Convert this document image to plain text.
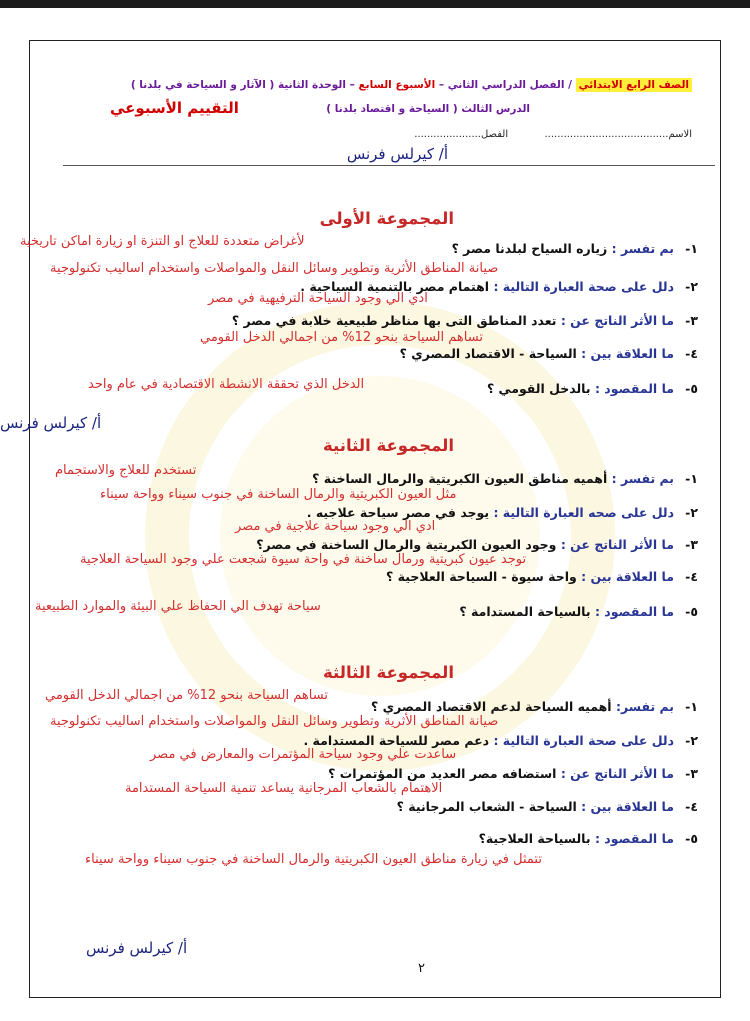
الصف الرابع الابتدائي / الفصل الدراسي الثاني – الأسبوع السابع – الوحدة الثانية ( الآثار و السياحة في بلدنا )
الدرس الثالث ( السياحة و اقتصاد بلدنا )
التقييم الأسبوعي
الاسم.......................................  الفصل.....................
أ/ كيرلس فرنس
المجموعة الأولى
١-بم تفسر : زياره السياح لبلدنا مصر ؟
لأغراض متعددة للعلاج او التنزة او زيارة اماكن تاريخية
صيانة المناطق الأثرية وتطوير وسائل النقل والمواصلات واستخدام اساليب تكنولوجية
٢-دلل على صحة العبارة التالية : اهتمام مصر بالتنمية السياحية .
ادي الي وجود السياحة الترفيهية في مصر
٣-ما الأثر الناتج عن : تعدد المناطق التى بها مناظر طبيعية خلابة في مصر ؟
تساهم السياحة بنحو 12% من اجمالي الدخل القومي
٤-ما العلاقة بين : السياحة - الاقتصاد المصري ؟
٥-ما المقصود : بالدخل القومي ؟
الدخل الذي تحققة الانشطة الاقتصادية في عام واحد
أ/ كيرلس فرنس
المجموعة الثانية
تستخدم للعلاج والاستجمام
١-بم تفسر : أهميه مناطق العيون الكبريتية والرمال الساخنة ؟
مثل العيون الكبريتية والرمال الساخنة في جنوب سيناء وواحة سيناء
٢-دلل على صحه العبارة التالية : يوجد في مصر سياحة علاجيه .
ادي الي وجود سياحة علاجية في مصر
٣-ما الأثر الناتج عن : وجود العيون الكبريتية والرمال الساخنة في مصر؟
توجد عيون كبريتية ورمال ساخنة في واحة سيوة شجعت علي وجود السياحة العلاجية
٤-ما العلاقة بين : واحة سيوة - السياحة العلاجية ؟
٥-ما المقصود : بالسياحة المستدامة ؟
سياحة تهدف الي الحفاظ علي البيئة والموارد الطبيعية
المجموعة الثالثة
تساهم السياحة بنحو 12% من اجمالي الدخل القومي
١-بم تفسر: أهميه السياحة لدعم الاقتصاد المصري ؟
صيانة المناطق الأثرية وتطوير وسائل النقل والمواصلات واستخدام اساليب تكنولوجية
٢-دلل على صحة العبارة التالية : دعم مصر للسياحة المستدامة .
ساعدت علي وجود سياحة المؤتمرات والمعارض في مصر
٣-ما الأثر الناتج عن : استضافه مصر العديد من المؤتمرات ؟
الاهتمام بالشعاب المرجانية يساعد تنمية السياحة المستدامة
٤-ما العلاقة بين : السياحة - الشعاب المرجانية ؟
٥-ما المقصود : بالسياحة العلاجية؟
تتمثل في زيارة مناطق العيون الكبريتية والرمال الساخنة في جنوب سيناء وواحة سيناء
أ/ كيرلس فرنس
٢
